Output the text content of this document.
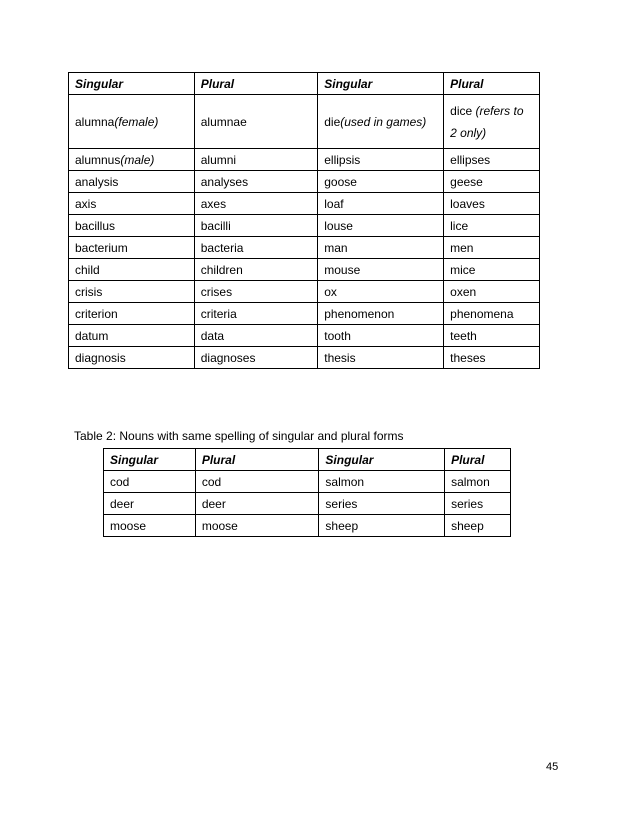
Singular	Plural	Singular	Plural
alumna(female)	alumnae	die(used in games)	dice (refers to 2 only)
alumnus(male)	alumni	ellipsis	ellipses
analysis	analyses	goose	geese
axis	axes	loaf	loaves
bacillus	bacilli	louse	lice
bacterium	bacteria	man	men
child	children	mouse	mice
crisis	crises	ox	oxen
criterion	criteria	phenomenon	phenomena
datum	data	tooth	teeth
diagnosis	diagnoses	thesis	theses
Table 2: Nouns with same spelling of singular and plural forms
Singular	Plural	Singular	Plural
cod	cod	salmon	salmon
deer	deer	series	series
moose	moose	sheep	sheep
45
